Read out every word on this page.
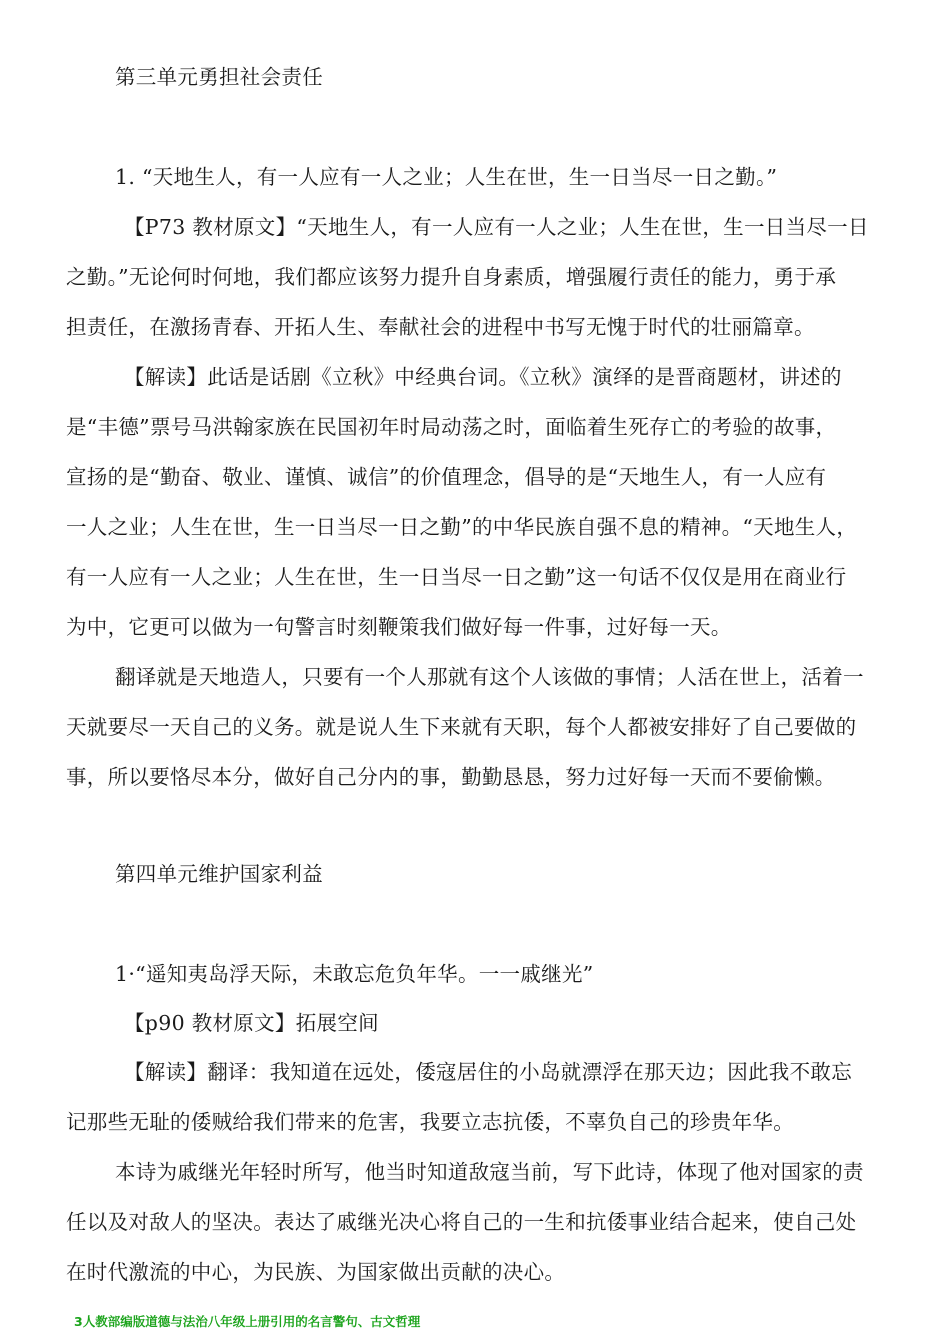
第三单元勇担社会责任
1. “天地生人，有一人应有一人之业；人生在世，生一日当尽一日之勤。”
【P73 教材原文】“天地生人，有一人应有一人之业；人生在世，生一日当尽一日
之勤。”无论何时何地，我们都应该努力提升自身素质，增强履行责任的能力，勇于承
担责任，在激扬青春、开拓人生、奉献社会的进程中书写无愧于时代的壮丽篇章。
【解读】此话是话剧《立秋》中经典台词。《立秋》演绎的是晋商题材，讲述的
是“丰德”票号马洪翰家族在民国初年时局动荡之时，面临着生死存亡的考验的故事，
宣扬的是“勤奋、敬业、谨慎、诚信”的价值理念，倡导的是“天地生人，有一人应有
一人之业；人生在世，生一日当尽一日之勤”的中华民族自强不息的精神。“天地生人，
有一人应有一人之业；人生在世，生一日当尽一日之勤”这一句话不仅仅是用在商业行
为中，它更可以做为一句警言时刻鞭策我们做好每一件事，过好每一天。
翻译就是天地造人，只要有一个人那就有这个人该做的事情；人活在世上，活着一
天就要尽一天自己的义务。就是说人生下来就有天职，每个人都被安排好了自己要做的
事，所以要恪尽本分，做好自己分内的事，勤勤恳恳，努力过好每一天而不要偷懒。
第四单元维护国家利益
1·“遥知夷岛浮天际，未敢忘危负年华。一一戚继光”
【p90 教材原文】拓展空间
【解读】翻译：我知道在远处，倭寇居住的小岛就漂浮在那天边；因此我不敢忘
记那些无耻的倭贼给我们带来的危害，我要立志抗倭，不辜负自己的珍贵年华。
本诗为戚继光年轻时所写，他当时知道敌寇当前，写下此诗，体现了他对国家的责
任以及对敌人的坚决。表达了戚继光决心将自己的一生和抗倭事业结合起来，使自己处
在时代激流的中心，为民族、为国家做出贡献的决心。
3人教部编版道德与法治八年级上册引用的名言警句、古文哲理
